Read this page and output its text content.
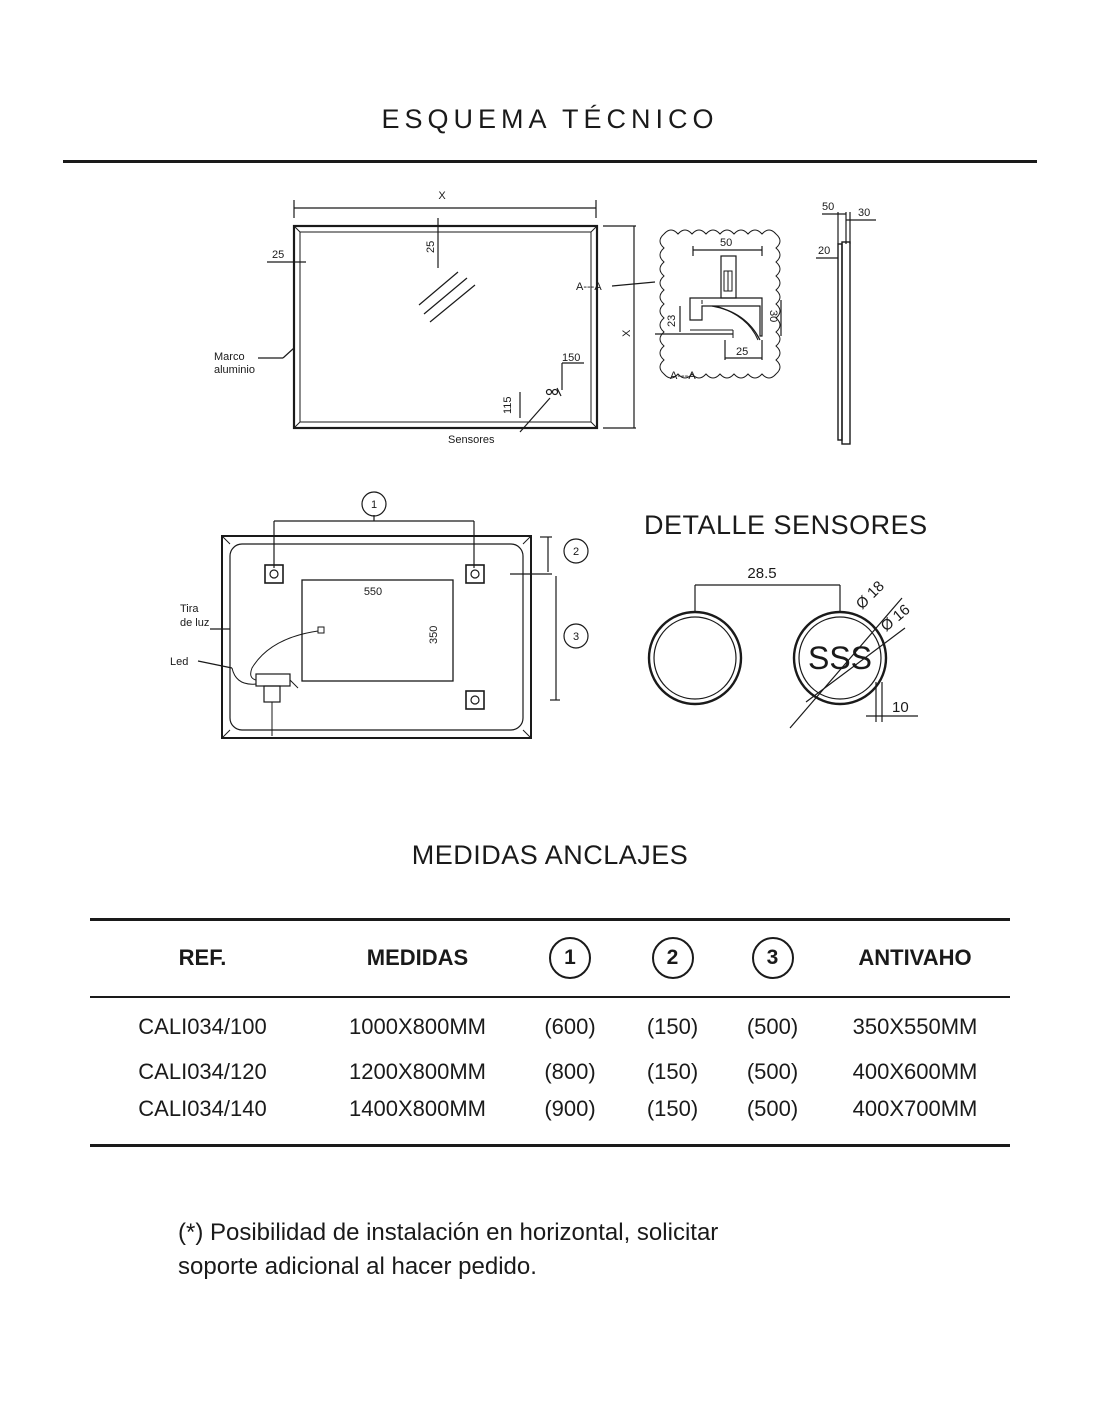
ESQUEMA TÉCNICO
X
25
25
X
A---A
150
115
Sensores
Marco
aluminio
50
23	30
25
A---A
50 30
20
1
550
350
2
3
Tira
de luz
Led
28.5
SSS
Ø 18
Ø 16
10
DETALLE SENSORES
MEDIDAS ANCLAJES
REF.	MEDIDAS	1	2	3	ANTIVAHO
CALI034/100	1000X800MM	(600)	(150)	(500)	350X550MM
CALI034/120	1200X800MM	(800)	(150)	(500)	400X600MM
CALI034/140	1400X800MM	(900)	(150)	(500)	400X700MM
(*) Posibilidad de instalación en horizontal, solicitar
soporte adicional al hacer pedido.
